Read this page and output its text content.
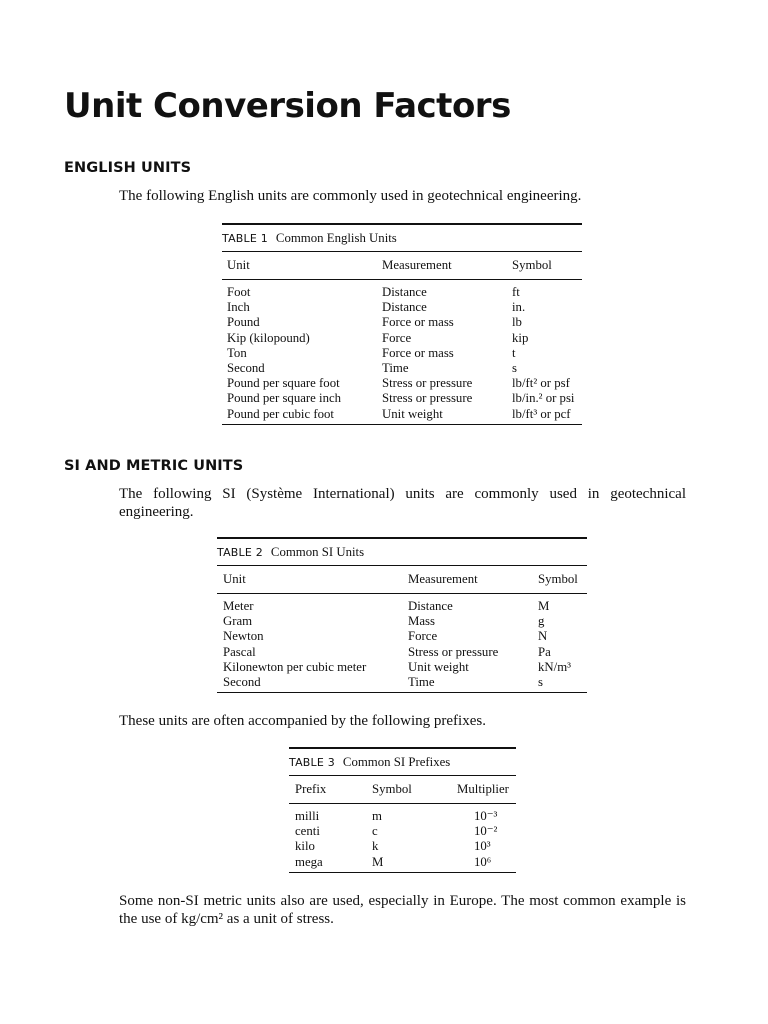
Unit Conversion Factors
ENGLISH UNITS

The following English units are commonly used in geotechnical engineering.

TABLE 1 Common English Units
Unit	Measurement	Symbol
Foot	Distance	ft
Inch	Distance	in.
Pound	Force or mass	lb
Kip (kilopound)	Force	kip
Ton	Force or mass	t
Second	Time	s
Pound per square foot	Stress or pressure	lb/ft² or psf
Pound per square inch	Stress or pressure	lb/in.² or psi
Pound per cubic foot	Unit weight	lb/ft³ or pcf
SI AND METRIC UNITS

The following SI (Système International) units are commonly used in geotechnical engineering.

TABLE 2 Common SI Units
Unit	Measurement	Symbol
Meter	Distance	M
Gram	Mass	g
Newton	Force	N
Pascal	Stress or pressure	Pa
Kilonewton per cubic meter	Unit weight	kN/m³
Second	Time	s

These units are often accompanied by the following prefixes.

TABLE 3 Common SI Prefixes
Prefix	Symbol	Multiplier
milli	m	10⁻³
centi	c	10⁻²
kilo	k	10³
mega	M	10⁶

Some non-SI metric units also are used, especially in Europe. The most common example is the use of kg/cm² as a unit of stress.
